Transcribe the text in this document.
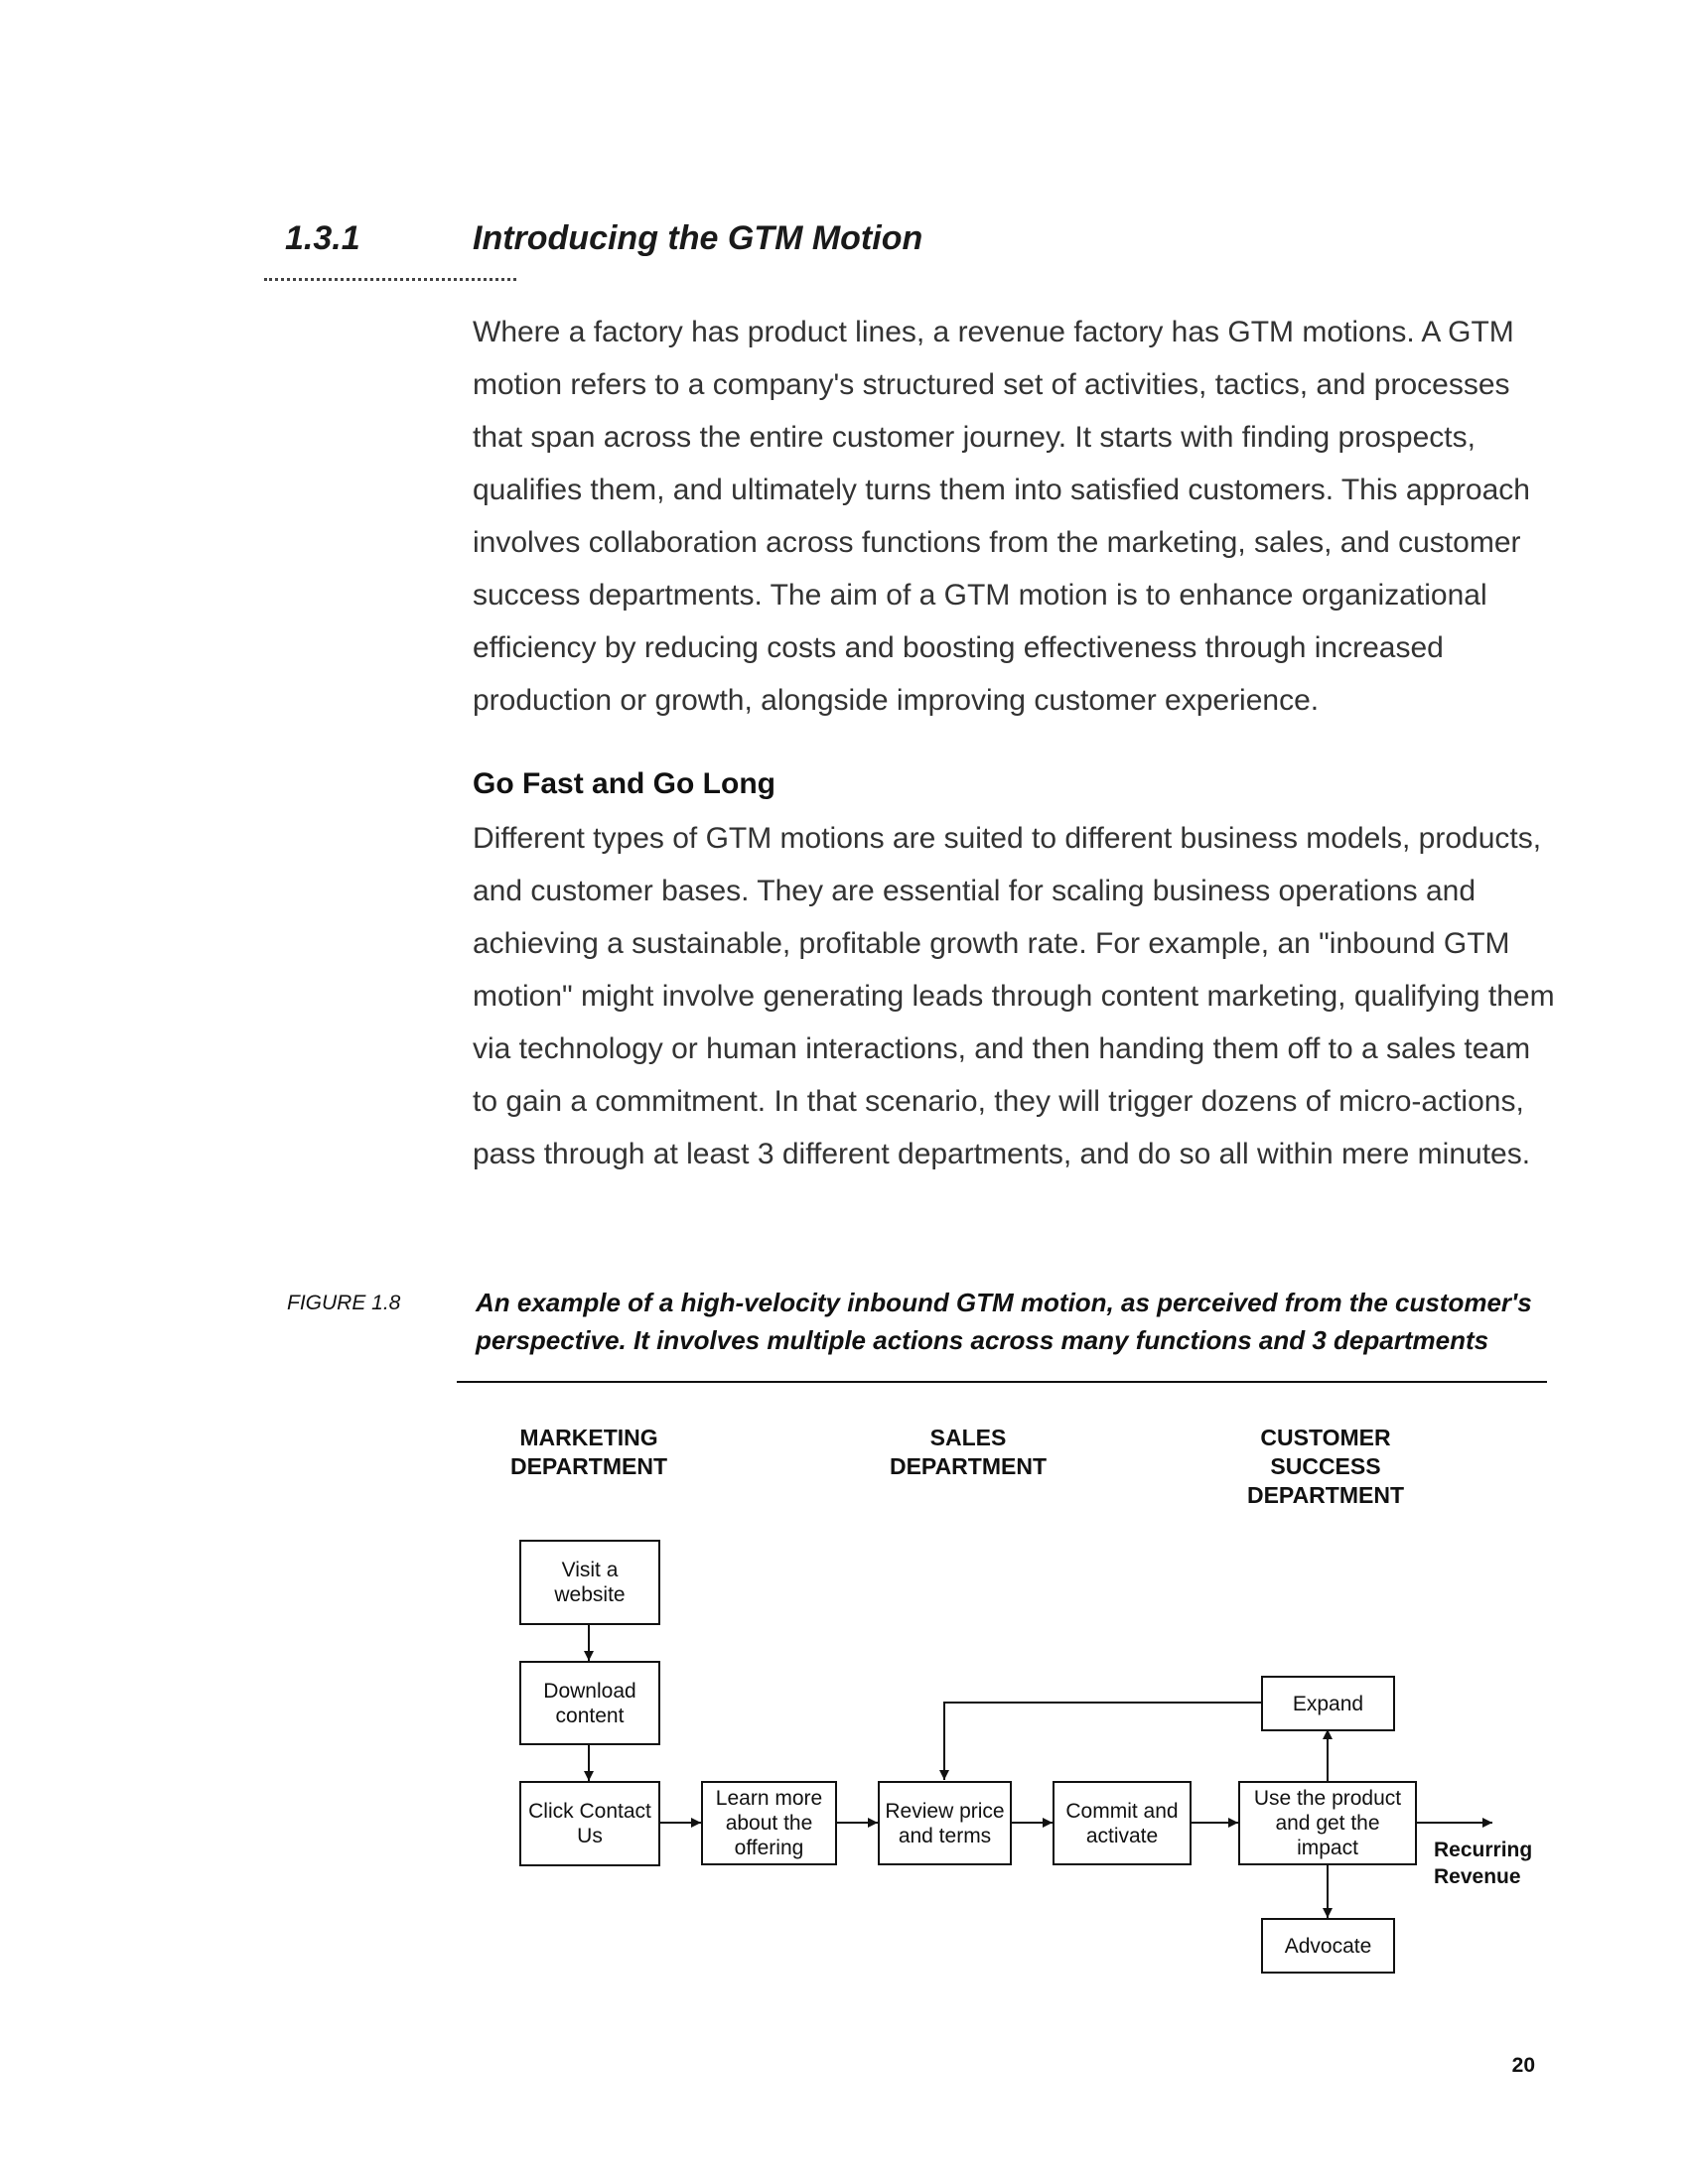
1.3.1	Introducing the GTM Motion

Where a factory has product lines, a revenue factory has GTM motions. A GTM motion refers to a company's structured set of activities, tactics, and processes that span across the entire customer journey. It starts with finding prospects, qualifies them, and ultimately turns them into satisfied customers. This approach involves collaboration across functions from the marketing, sales, and customer success departments. The aim of a GTM motion is to enhance organizational efficiency by reducing costs and boosting effectiveness through increased production or growth, alongside improving customer experience.

Go Fast and Go Long

Different types of GTM motions are suited to different business models, products, and customer bases. They are essential for scaling business operations and achieving a sustainable, profitable growth rate. For example, an "inbound GTM motion" might involve generating leads through content marketing, qualifying them via technology or human interactions, and then handing them off to a sales team to gain a commitment. In that scenario, they will trigger dozens of micro-actions, pass through at least 3 different departments, and do so all within mere minutes.

FIGURE 1.8	An example of a high-velocity inbound GTM motion, as perceived from the customer's perspective. It involves multiple actions across many functions and 3 departments

MARKETING DEPARTMENT
SALES DEPARTMENT
CUSTOMER SUCCESS DEPARTMENT
Visit a website
Download content
Click Contact Us
Learn more about the offering
Review price and terms
Commit and activate
Use the product and get the impact
Expand
Advocate
Recurring Revenue
20
